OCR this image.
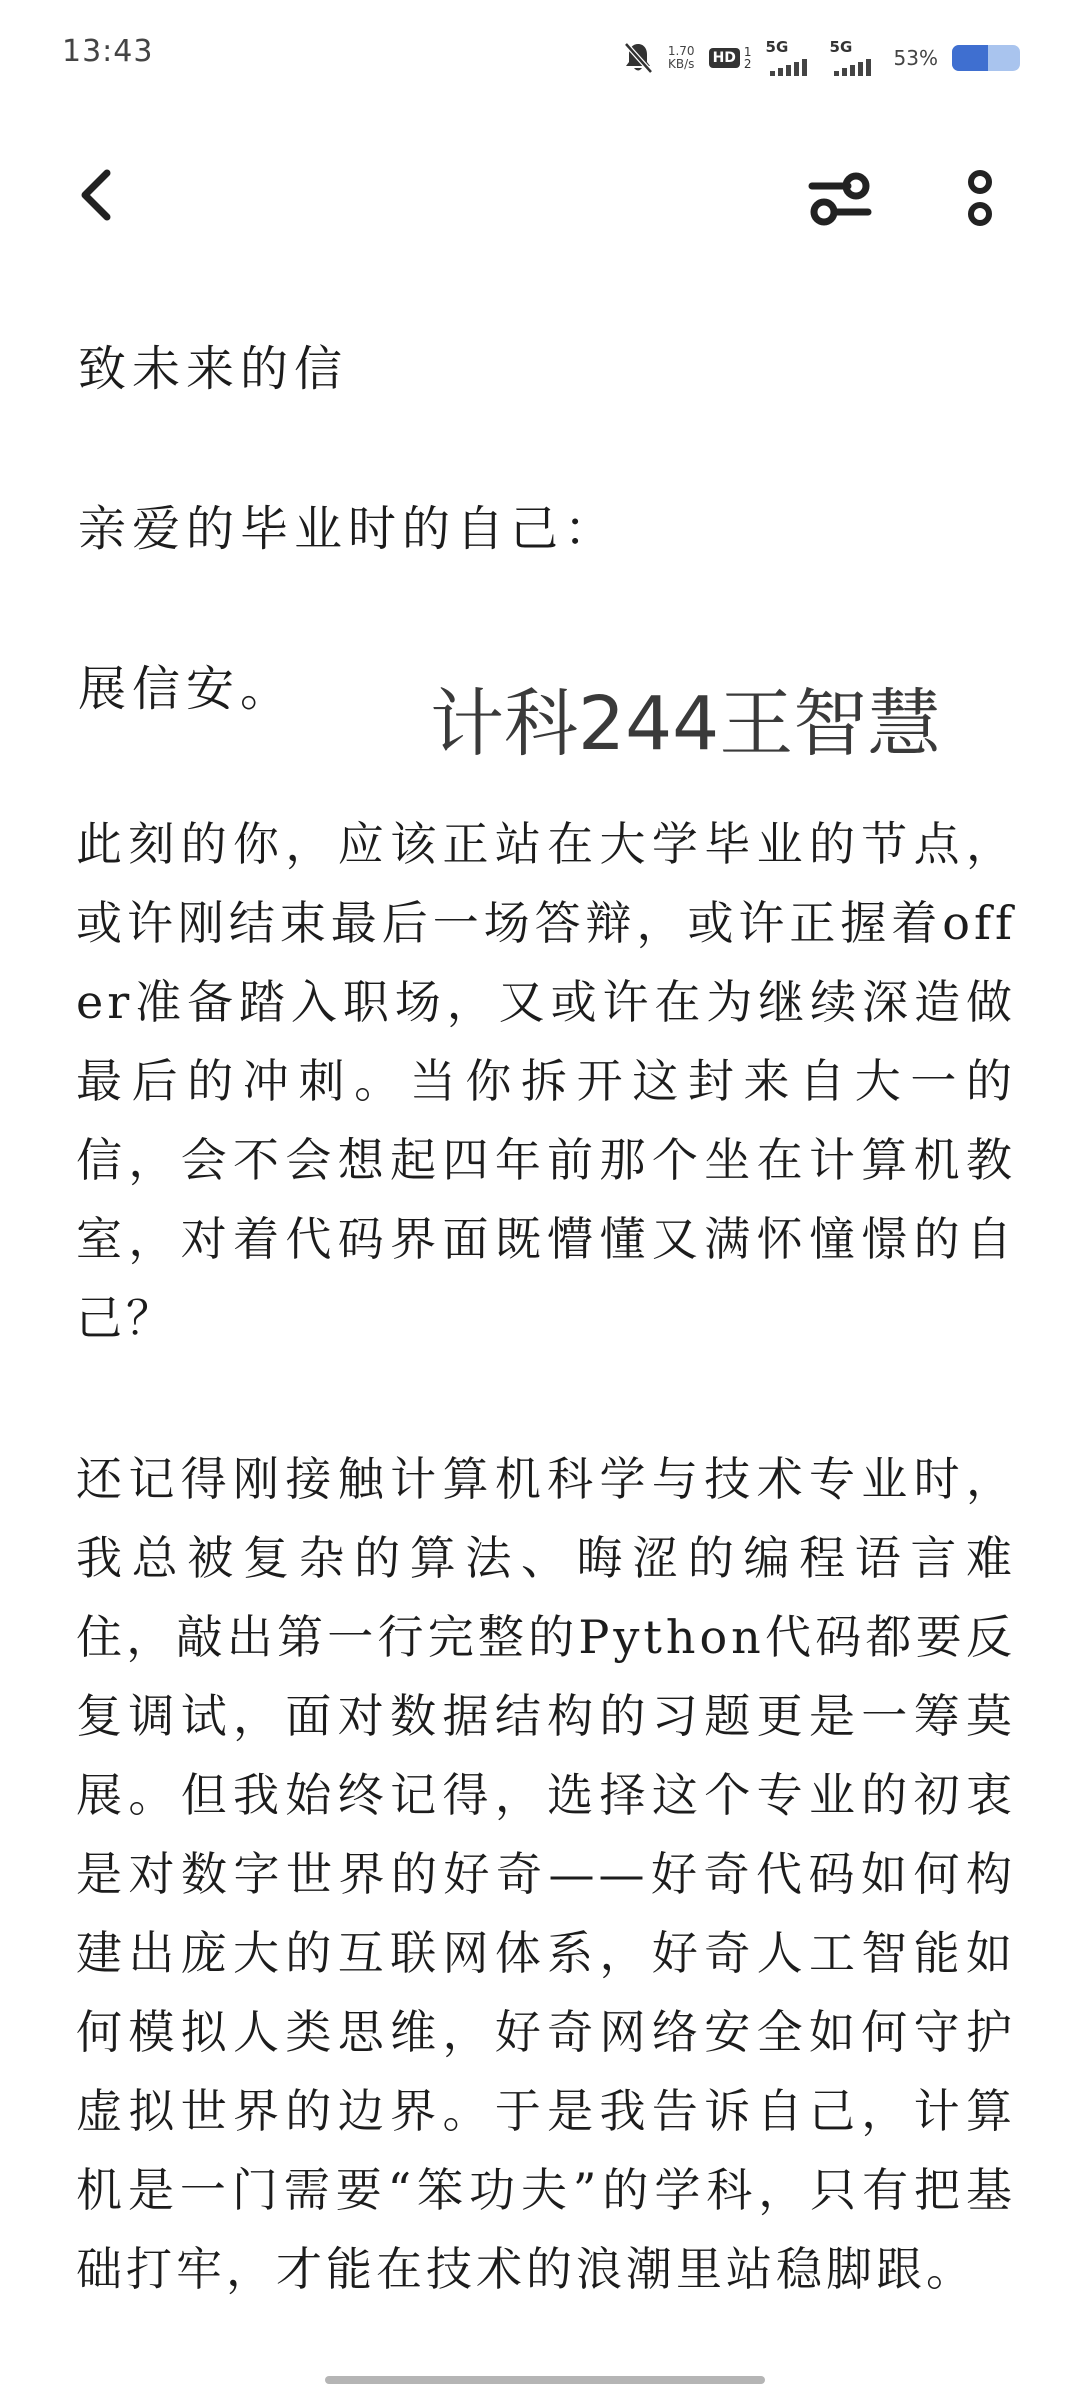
13:43	1.70
KB/s HD 1
2
5G	5G 53%
致未来的信

亲爱的毕业时的自己：

展信安。 计科244王智慧

此刻的你，应该正站在大学毕业的节点，或许刚结束最后一场答辩，或许正握着offer准备踏入职场，又或许在为继续深造做最后的冲刺。当你拆开这封来自大一的信，会不会想起四年前那个坐在计算机教室，对着代码界面既懵懂又满怀憧憬的自己？

还记得刚接触计算机科学与技术专业时，我总被复杂的算法、晦涩的编程语言难住，敲出第一行完整的Python代码都要反复调试，面对数据结构的习题更是一筹莫展。但我始终记得，选择这个专业的初衷是对数字世界的好奇——好奇代码如何构建出庞大的互联网体系，好奇人工智能如何模拟人类思维，好奇网络安全如何守护虚拟世界的边界。于是我告诉自己，计算机是一门需要“笨功夫”的学科，只有把基础打牢，才能在技术的浪潮里站稳脚跟。
